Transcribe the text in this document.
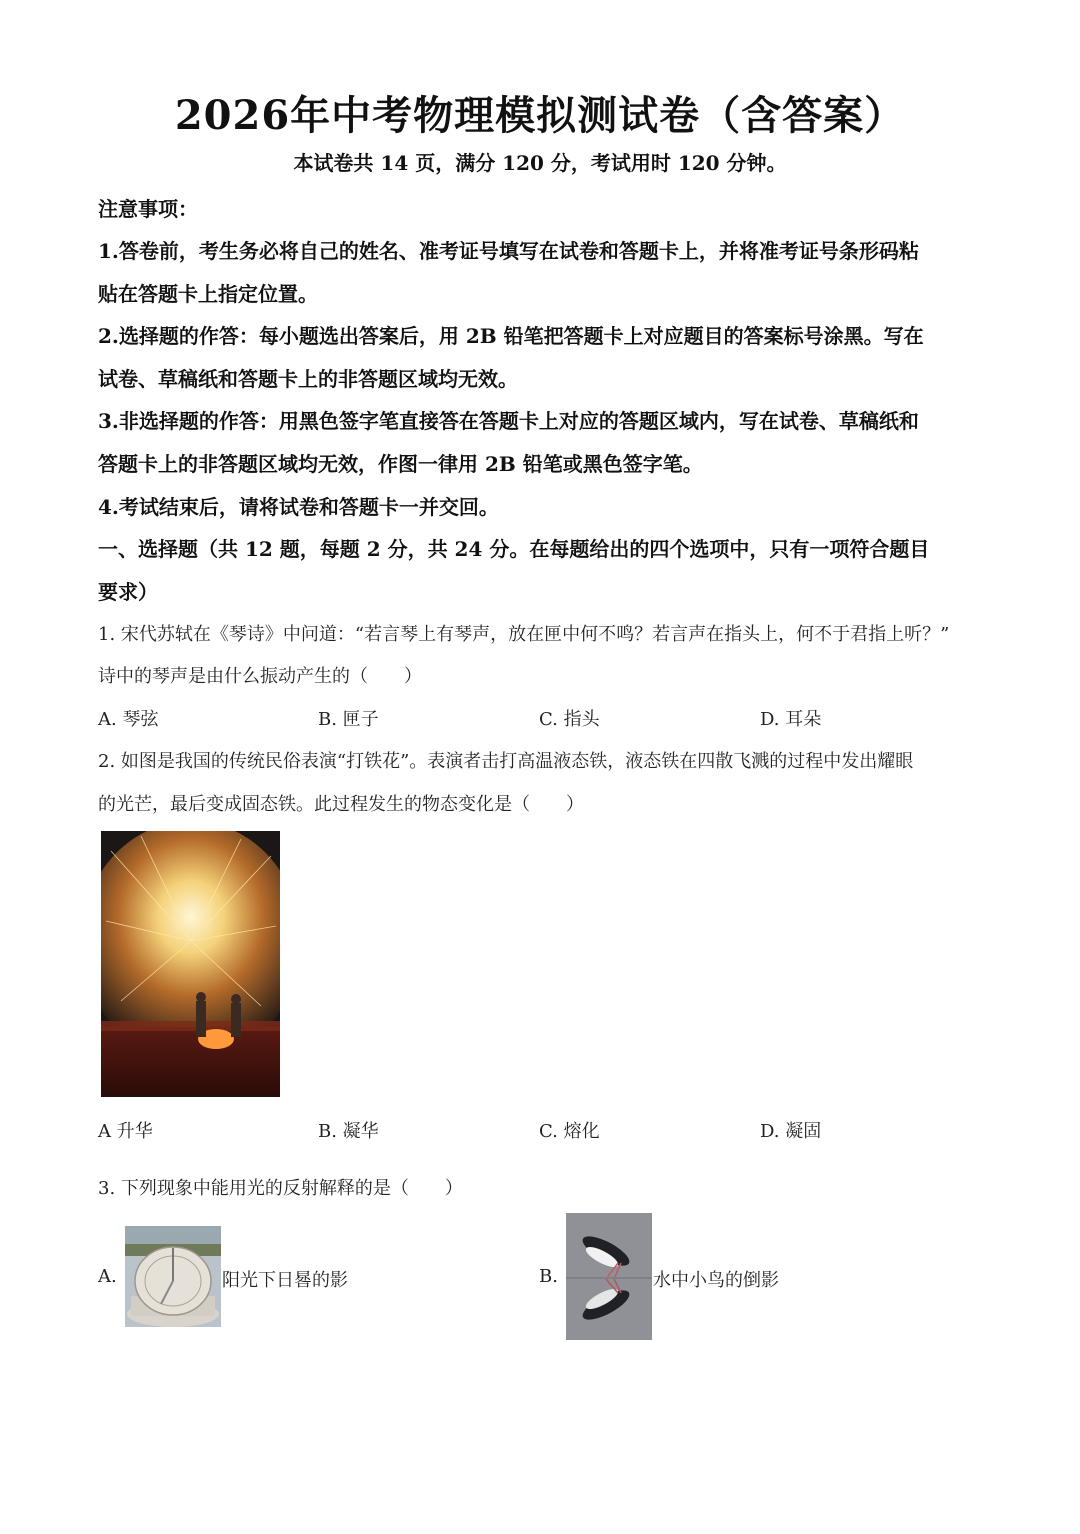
2026年中考物理模拟测试卷（含答案）
本试卷共 14 页，满分 120 分，考试用时 120 分钟。
注意事项：
1.答卷前，考生务必将自己的姓名、准考证号填写在试卷和答题卡上，并将准考证号条形码粘
贴在答题卡上指定位置。
2.选择题的作答：每小题选出答案后，用 2B 铅笔把答题卡上对应题目的答案标号涂黑。写在
试卷、草稿纸和答题卡上的非答题区域均无效。
3.非选择题的作答：用黑色签字笔直接答在答题卡上对应的答题区域内，写在试卷、草稿纸和
答题卡上的非答题区域均无效，作图一律用 2B 铅笔或黑色签字笔。
4.考试结束后，请将试卷和答题卡一并交回。
一、选择题（共 12 题，每题 2 分，共 24 分。在每题给出的四个选项中，只有一项符合题目
要求）
1. 宋代苏轼在《琴诗》中问道：“若言琴上有琴声，放在匣中何不鸣？若言声在指头上，何不于君指上听？”
诗中的琴声是由什么振动产生的（　　）
A. 琴弦	B. 匣子	C. 指头	D. 耳朵
2. 如图是我国的传统民俗表演“打铁花”。表演者击打高温液态铁，液态铁在四散飞溅的过程中发出耀眼
的光芒，最后变成固态铁。此过程发生的物态变化是（　　）
A 升华	B. 凝华	C. 熔化	D. 凝固
3. 下列现象中能用光的反射解释的是（　　）
A.	阳光下日晷的影	B.	水中小鸟的倒影
